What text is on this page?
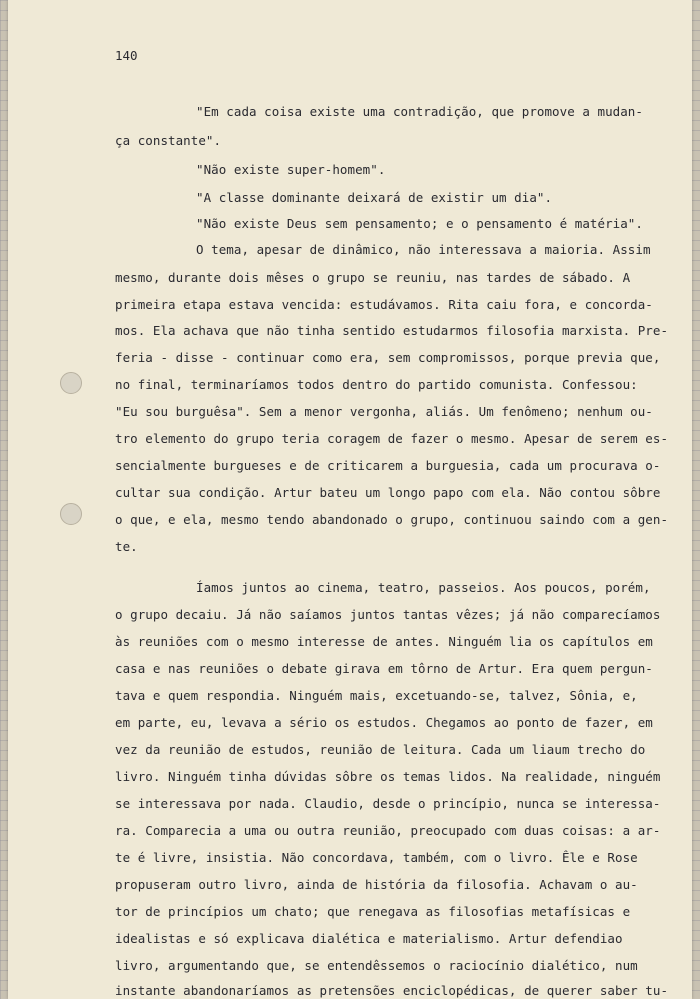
140
"Em cada coisa existe uma contradição, que promove a mudan-
ça constante".
"Não existe super-homem".
"A classe dominante deixará de existir um dia".
"Não existe Deus sem pensamento; e o pensamento é matéria".
O tema, apesar de dinâmico, não interessava a maioria. Assim
mesmo, durante dois mêses o grupo se reuniu, nas tardes de sábado. A
primeira etapa estava vencida: estudávamos. Rita caiu fora, e concorda-
mos. Ela achava que não tinha sentido estudarmos filosofia marxista. Pre-
feria - disse - continuar como era, sem compromissos, porque previa que,
no final, terminaríamos todos dentro do partido comunista. Confessou:
"Eu sou burguêsa". Sem a menor vergonha, aliás. Um fenômeno; nenhum ou-
tro elemento do grupo teria coragem de fazer o mesmo. Apesar de serem es-
sencialmente burgueses e de criticarem a burguesia, cada um procurava o-
cultar sua condição. Artur bateu um longo papo com ela. Não contou sôbre
o que, e ela, mesmo tendo abandonado o grupo, continuou saindo com a gen-
te.
Íamos juntos ao cinema, teatro, passeios. Aos poucos, porém,
o grupo decaiu. Já não saíamos juntos tantas vêzes; já não comparecíamos
às reuniões com o mesmo interesse de antes. Ninguém lia os capítulos em
casa e nas reuniões o debate girava em tôrno de Artur. Era quem pergun-
tava e quem respondia. Ninguém mais, excetuando-se, talvez, Sônia, e,
em parte, eu, levava a sério os estudos. Chegamos ao ponto de fazer, em
vez da reunião de estudos, reunião de leitura. Cada um liaum trecho do
livro. Ninguém tinha dúvidas sôbre os temas lidos. Na realidade, ninguém
se interessava por nada. Claudio, desde o princípio, nunca se interessa-
ra. Comparecia a uma ou outra reunião, preocupado com duas coisas: a ar-
te é livre, insistia. Não concordava, também, com o livro. Êle e Rose
propuseram outro livro, ainda de história da filosofia. Achavam o au-
tor de princípios um chato; que renegava as filosofias metafísicas e
idealistas e só explicava dialética e materialismo. Artur defendiao
livro, argumentando que, se entendêssemos o raciocínio dialético, num
instante abandonaríamos as pretensões enciclopédicas, de querer saber tu-
